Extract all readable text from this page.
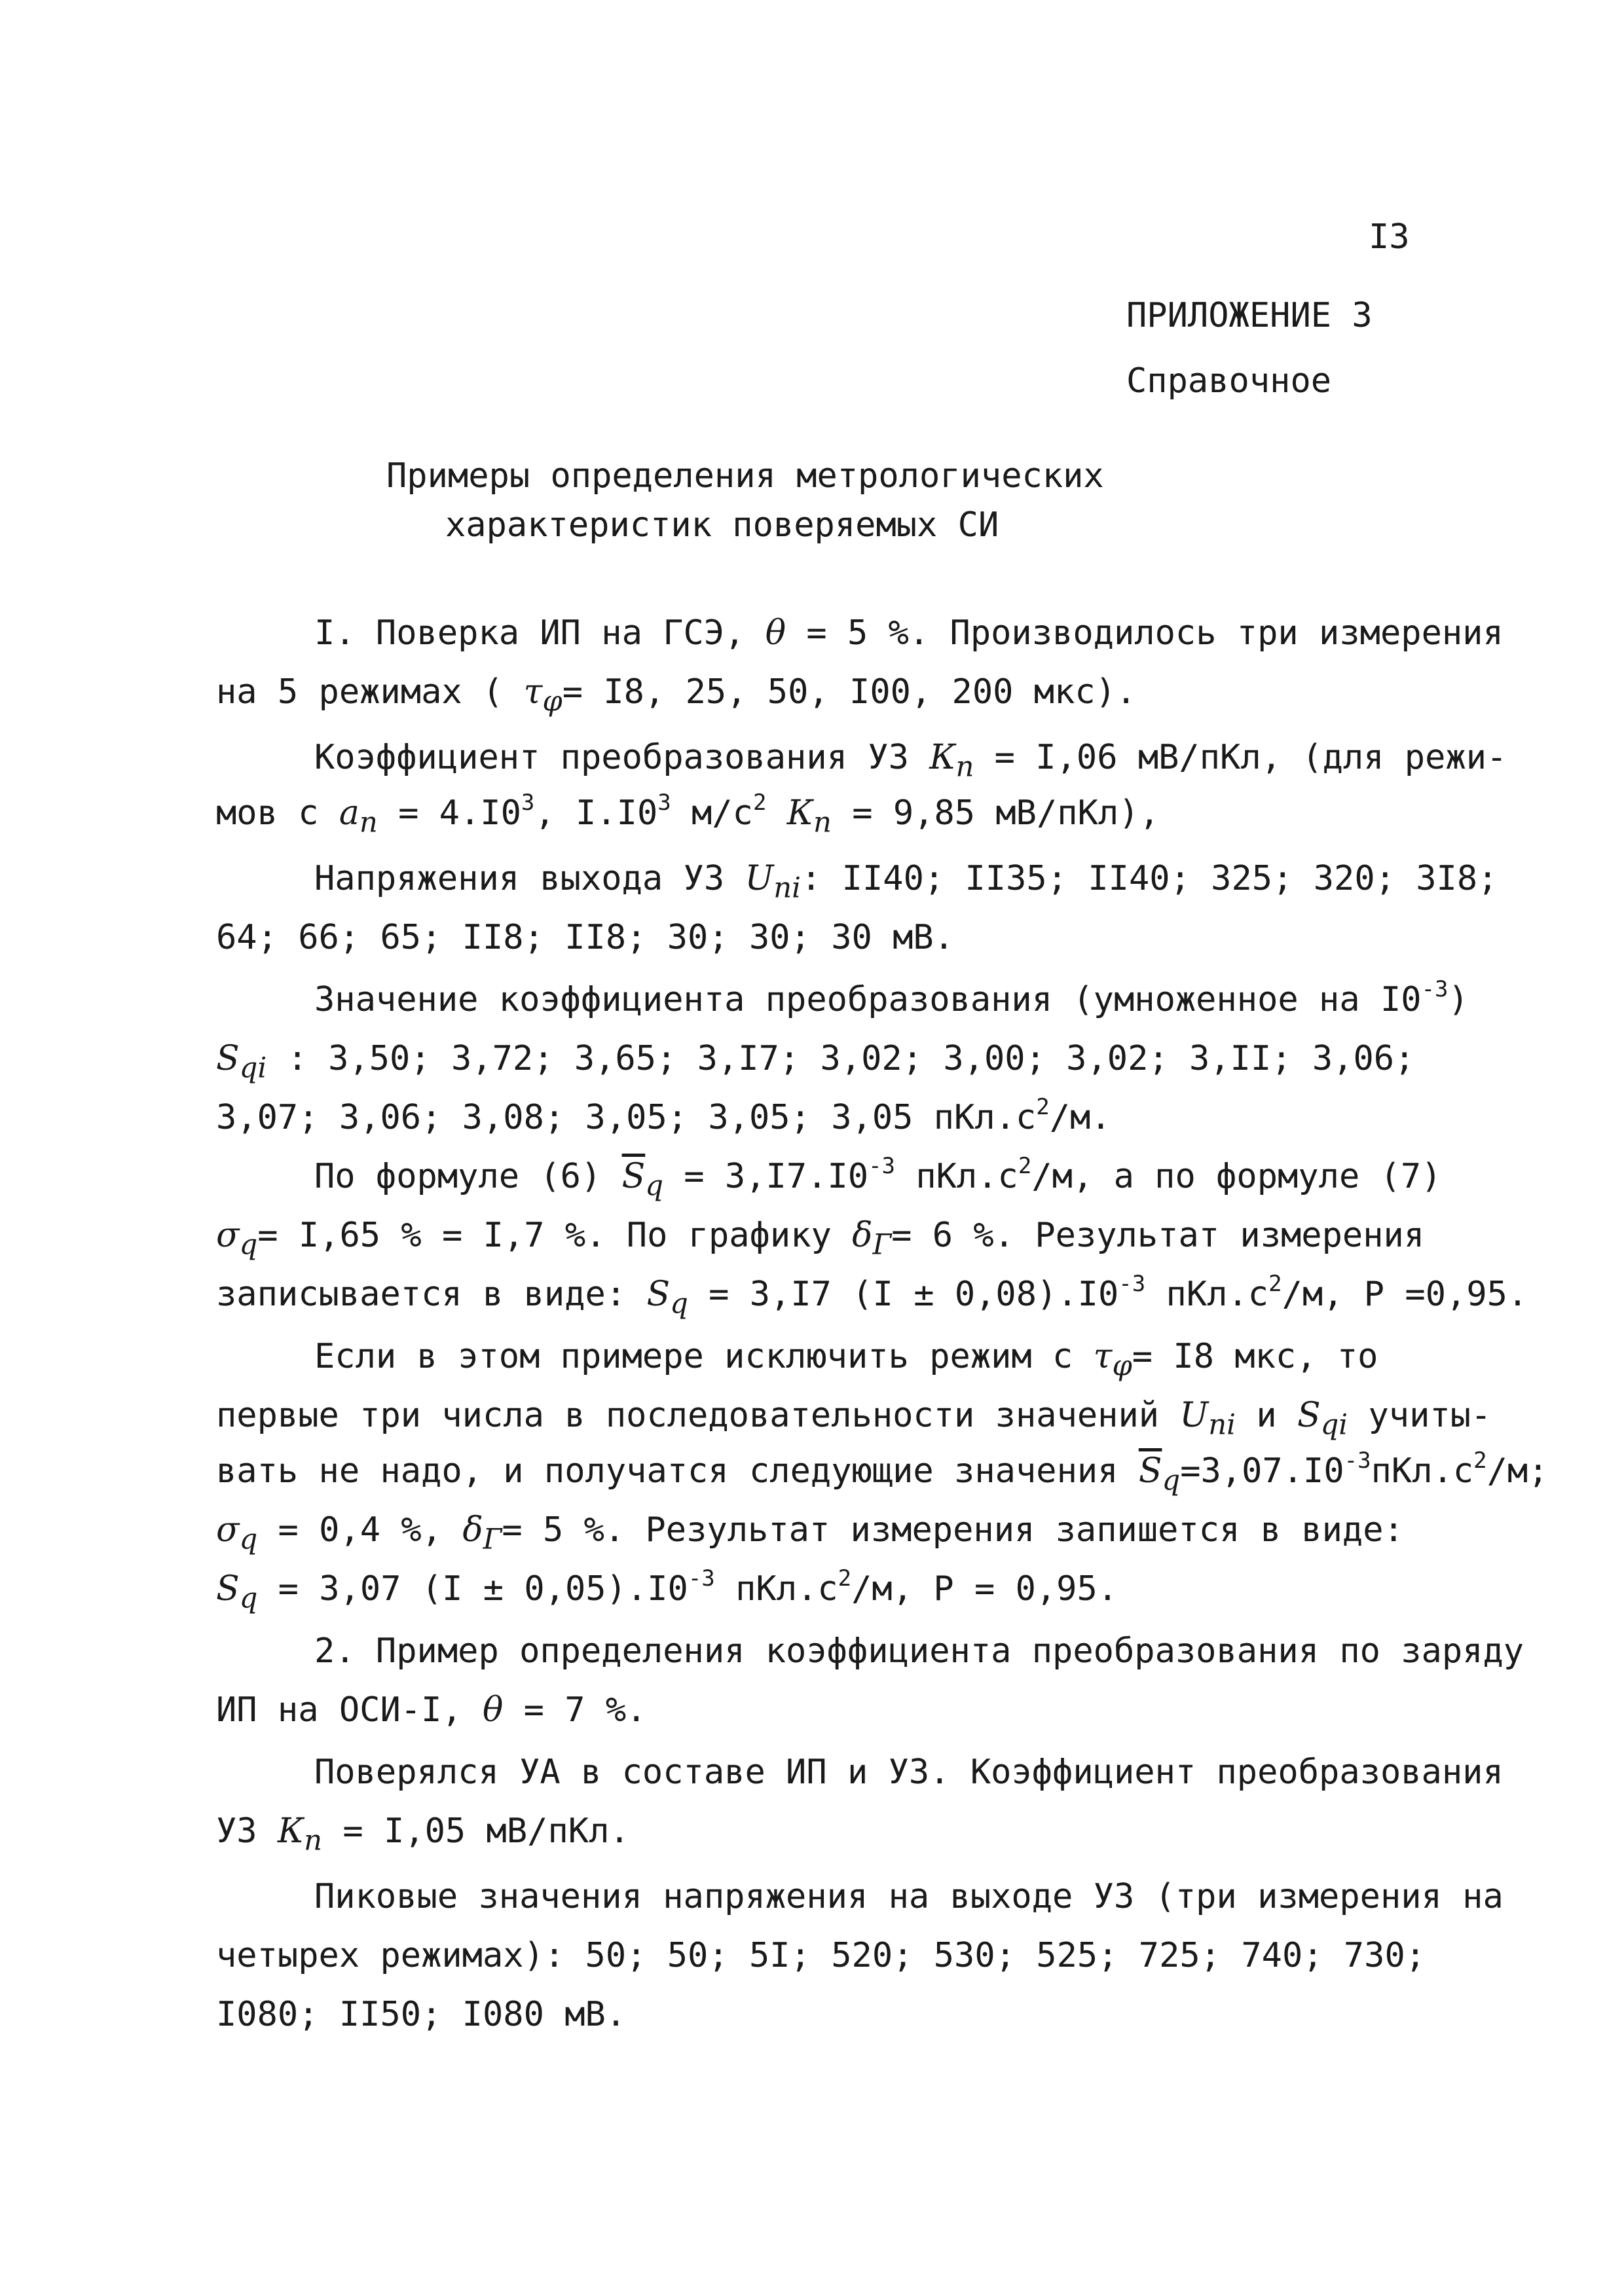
I3
ПРИЛОЖЕНИЕ 3
Справочное
Примеры определения метрологических
характеристик поверяемых СИ
I. Поверка ИП на ГСЭ, θ = 5 %. Производилось три измерения
на 5 режимах ( $\tau_\varphi= I8$, 25, 50, I00, 200 мкс).
Коэффициент преобразования УЗ $К_п = I,06$ мВ/пКл, (для режи-
мов с $a_п = 4.I0^3$, $I.I0^3$ $м/с^2$ $К_п = 9,85$ мВ/пКл),
Напряжения выхода УЗ $U_{пi}$: II40; II35; II40; 325; 320; 3I8;
64; 66; 65; II8; II8; 30; 30; 30 мВ.
Значение коэффициента преобразования (умноженное на $I0^{-3}$)
$S_{qi}$ : 3,50; 3,72; 3,65; 3,I7; 3,02; 3,00; 3,02; 3,II; 3,06;
3,07; 3,06; 3,08; 3,05; 3,05; 3,05 $пКл.с^2/м$.
По формуле (6) $\overline{S}_q = 3,I7.I0^{-3}$ $пКл.с^2/м$, а по формуле (7)
$\sigma_q= I,65$ % = I,7 %. По графику $\delta_Г= 6$ %. Результат измерения
записывается в виде: $S_q = 3,I7$ $(I \pm 0,08).I0^{-3}$ $пКл.с^2/м$, P =0,95.
Если в этом примере исключить режим с $\tau_\varphi= I8$ мкс, то
первые три числа в последовательности значений $U_{пi}$ и $S_{qi}$ учиты-
вать не надо, и получатся следующие значения $\overline{S}_q=3,07.I0^{-3}пКл.с^2/м$;
$\sigma_q = 0,4$ %, $\delta_Г= 5$ %. Результат измерения запишется в виде:
$S_q = 3,07$ $(I \pm 0,05).I0^{-3}$ $пКл.с^2/м$, P = 0,95.
2. Пример определения коэффициента преобразования по заряду
ИП на ОСИ-I, θ = 7 %.
Поверялся УА в составе ИП и УЗ. Коэффициент преобразования
УЗ $К_п = I,05$ мВ/пКл.
Пиковые значения напряжения на выходе УЗ (три измерения на
четырех режимах): 50; 50; 5I; 520; 530; 525; 725; 740; 730;
I080; II50; I080 мВ.
